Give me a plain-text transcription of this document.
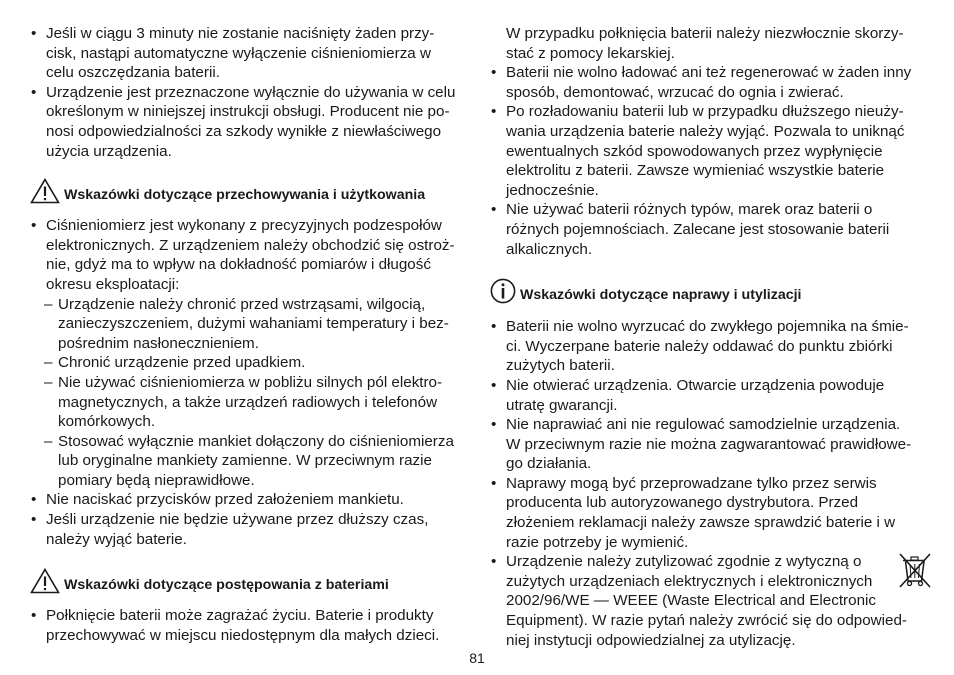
• Jeśli w ciągu 3 minuty nie zostanie naciśnięty żaden przy-
cisk, nastąpi automatyczne wyłączenie ciśnieniomierza w
celu oszczędzania baterii.
• Urządzenie jest przeznaczone wyłącznie do używania w celu
określonym w niniejszej instrukcji obsługi. Producent nie po-
nosi odpowiedzialności za szkody wynikłe z niewłaściwego
użycia urządzenia.
Wskazówki dotyczące przechowywania i użytkowania
• Ciśnieniomierz jest wykonany z precyzyjnych podzespołów
elektronicznych. Z urządzeniem należy obchodzić się ostroż-
nie, gdyż ma to wpływ na dokładność pomiarów i długość
okresu eksploatacji:
– Urządzenie należy chronić przed wstrząsami, wilgocią,
zanieczyszczeniem, dużymi wahaniami temperatury i bez-
pośrednim nasłonecznieniem.
– Chronić urządzenie przed upadkiem.
– Nie używać ciśnieniomierza w pobliżu silnych pól elektro-
magnetycznych, a także urządzeń radiowych i telefonów
komórkowych.
– Stosować wyłącznie mankiet dołączony do ciśnieniomierza
lub oryginalne mankiety zamienne. W przeciwnym razie
pomiary będą nieprawidłowe.
• Nie naciskać przycisków przed założeniem mankietu.
• Jeśli urządzenie nie będzie używane przez dłuższy czas,
należy wyjąć baterie.
Wskazówki dotyczące postępowania z bateriami
• Połknięcie baterii może zagrażać życiu. Baterie i produkty
przechowywać w miejscu niedostępnym dla małych dzieci.
W przypadku połknięcia baterii należy niezwłocznie skorzy-
stać z pomocy lekarskiej.
• Baterii nie wolno ładować ani też regenerować w żaden inny
sposób, demontować, wrzucać do ognia i zwierać.
• Po rozładowaniu baterii lub w przypadku dłuższego nieuży-
wania urządzenia baterie należy wyjąć. Pozwala to uniknąć
ewentualnych szkód spowodowanych przez wypłynięcie
elektrolitu z baterii. Zawsze wymieniać wszystkie baterie
jednocześnie.
• Nie używać baterii różnych typów, marek oraz baterii o
różnych pojemnościach. Zalecane jest stosowanie baterii
alkalicznych.
Wskazówki dotyczące naprawy i utylizacji
• Baterii nie wolno wyrzucać do zwykłego pojemnika na śmie-
ci. Wyczerpane baterie należy oddawać do punktu zbiórki
zużytych baterii.
• Nie otwierać urządzenia. Otwarcie urządzenia powoduje
utratę gwarancji.
• Nie naprawiać ani nie regulować samodzielnie urządzenia.
W przeciwnym razie nie można zagwarantować prawidłowe-
go działania.
• Naprawy mogą być przeprowadzane tylko przez serwis
producenta lub autoryzowanego dystrybutora. Przed
złożeniem reklamacji należy zawsze sprawdzić baterie i w
razie potrzeby je wymienić.
• Urządzenie należy zutylizować zgodnie z wytyczną o
zużytych urządzeniach elektrycznych i elektronicznych
2002/96/WE — WEEE (Waste Electrical and Electronic
Equipment). W razie pytań należy zwrócić się do odpowied-
niej instytucji odpowiedzialnej za utylizację.
81
